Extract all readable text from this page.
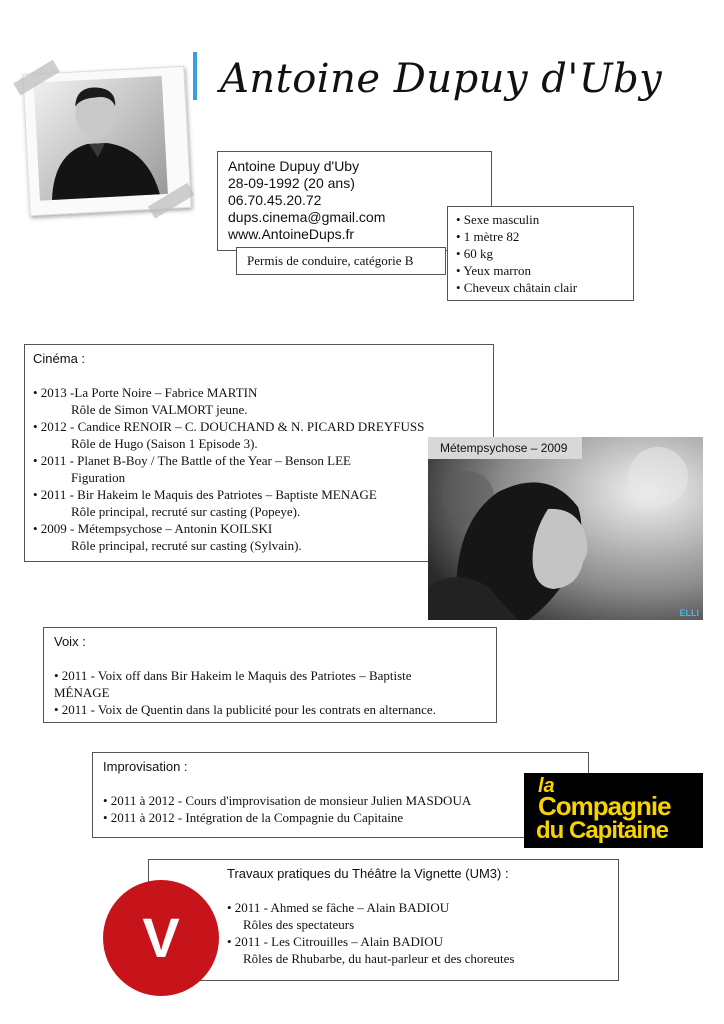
Antoine Dupuy d'Uby
Antoine Dupuy d'Uby
28-09-1992 (20 ans)
06.70.45.20.72
dups.cinema@gmail.com
www.AntoineDups.fr
Permis de conduire, catégorie B
• Sexe masculin
• 1 mètre 82
• 60 kg
• Yeux marron
• Cheveux châtain clair
Cinéma :
• 2013 -La Porte Noire – Fabrice MARTIN
Rôle de Simon VALMORT jeune.
• 2012 - Candice RENOIR – C. DOUCHAND & N. PICARD DREYFUSS
Rôle de Hugo (Saison 1 Episode 3).
• 2011 - Planet B-Boy / The Battle of the Year – Benson LEE
Figuration
• 2011 - Bir Hakeim le Maquis des Patriotes – Baptiste MENAGE
Rôle principal, recruté sur casting (Popeye).
• 2009 - Métempsychose – Antonin KOILSKI
Rôle principal, recruté sur casting (Sylvain).
ELLI
Métempsychose – 2009
Voix :
• 2011 - Voix off dans Bir Hakeim le Maquis des Patriotes – Baptiste
MÉNAGE
• 2011 - Voix de Quentin dans la publicité pour les contrats en alternance.
Improvisation :
• 2011 à 2012 - Cours d'improvisation de monsieur Julien MASDOUA
• 2011 à 2012 - Intégration de la Compagnie du Capitaine
la
Compagnie
du Capitaine
Travaux pratiques du Théâtre la Vignette (UM3) :
• 2011 - Ahmed se fâche – Alain BADIOU
Rôles des spectateurs
• 2011 - Les Citrouilles – Alain BADIOU
Rôles de Rhubarbe, du haut-parleur et des choreutes
V
